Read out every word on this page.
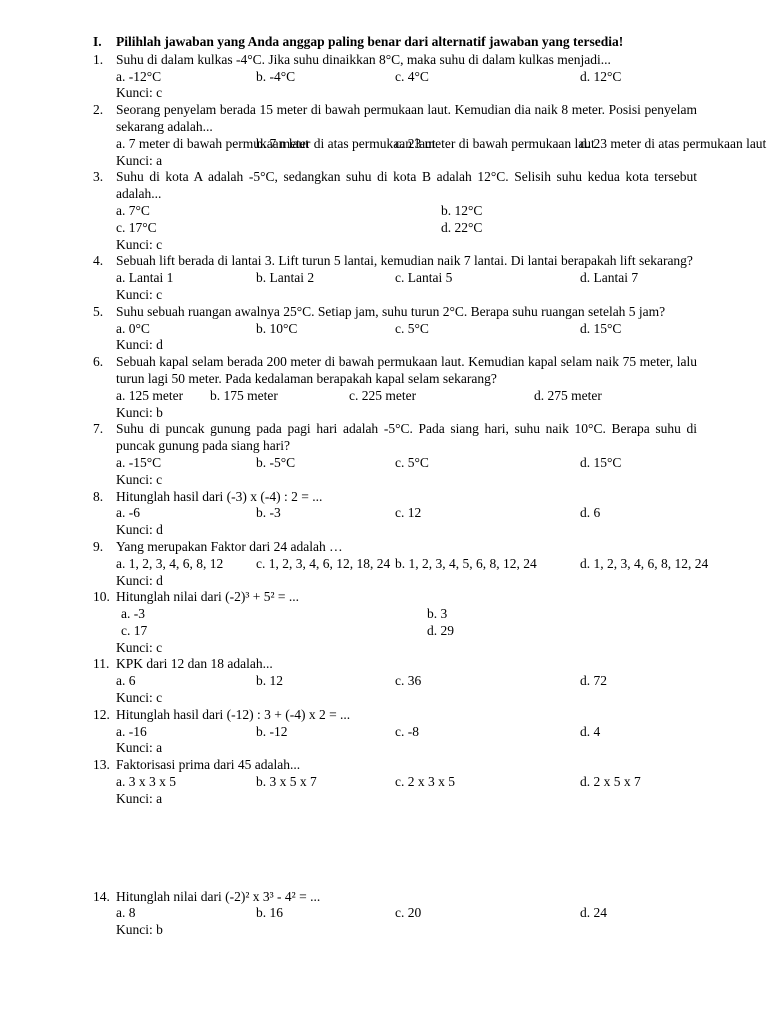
I.	Pilihlah jawaban yang Anda anggap paling benar dari alternatif jawaban yang tersedia!
1. Suhu di dalam kulkas -4°C. Jika suhu dinaikkan 8°C, maka suhu di dalam kulkas menjadi...
a. -12°C	b. -4°C	c. 4°C	d. 12°C
Kunci: c
2. Seorang penyelam berada 15 meter di bawah permukaan laut. Kemudian dia naik 8 meter. Posisi penyelam sekarang adalah...
a. 7 meter di bawah permukaan laut
b. 7 meter di atas permukaan laut
c. 23 meter di bawah permukaan laut
d. 23 meter di atas permukaan laut
Kunci: a
3. Suhu di kota A adalah -5°C, sedangkan suhu di kota B adalah 12°C. Selisih suhu kedua kota tersebut adalah...
a. 7°C	b. 12°C
c. 17°C	d. 22°C
Kunci: c
4. Sebuah lift berada di lantai 3. Lift turun 5 lantai, kemudian naik 7 lantai. Di lantai berapakah lift sekarang?
a. Lantai 1	b. Lantai 2	c. Lantai 5	d. Lantai 7
Kunci: c
5. Suhu sebuah ruangan awalnya 25°C. Setiap jam, suhu turun 2°C. Berapa suhu ruangan setelah 5 jam?
a. 0°C	b. 10°C	c. 5°C	d. 15°C
Kunci: d
6. Sebuah kapal selam berada 200 meter di bawah permukaan laut. Kemudian kapal selam naik 75 meter, lalu turun lagi 50 meter. Pada kedalaman berapakah kapal selam sekarang?
a. 125 meter b. 175 meter	c. 225 meter	d. 275 meter
Kunci: b
7. Suhu di puncak gunung pada pagi hari adalah -5°C. Pada siang hari, suhu naik 10°C. Berapa suhu di puncak gunung pada siang hari?
a. -15°C	b. -5°C	c. 5°C	d. 15°C
Kunci: c
8. Hitunglah hasil dari (-3) x (-4) : 2 = ...
a. -6	b. -3	c. 12	d. 6
Kunci: d
9. Yang merupakan Faktor dari 24 adalah …
a. 1, 2, 3, 4, 6, 8, 12 c. 1, 2, 3, 4, 6, 12, 18, 24 b. 1, 2, 3, 4, 5, 6, 8, 12, 24	d. 1, 2, 3, 4, 6, 8, 12, 24
Kunci: d
10. Hitunglah nilai dari (-2)³ + 5² = ...
a. -3	b. 3
c. 17	d. 29
Kunci: c
11. KPK dari 12 dan 18 adalah...
a. 6	b. 12	c. 36	d. 72
Kunci: c
12. Hitunglah hasil dari (-12) : 3 + (-4) x 2 = ...
a. -16	b. -12	c. -8	d. 4
Kunci: a
13. Faktorisasi prima dari 45 adalah...
a. 3 x 3 x 5	b. 3 x 5 x 7	c. 2 x 3 x 5	d. 2 x 5 x 7
Kunci: a
14. Hitunglah nilai dari (-2)² x 3³ - 4² = ...
a. 8	b. 16	c. 20	d. 24
Kunci: b
